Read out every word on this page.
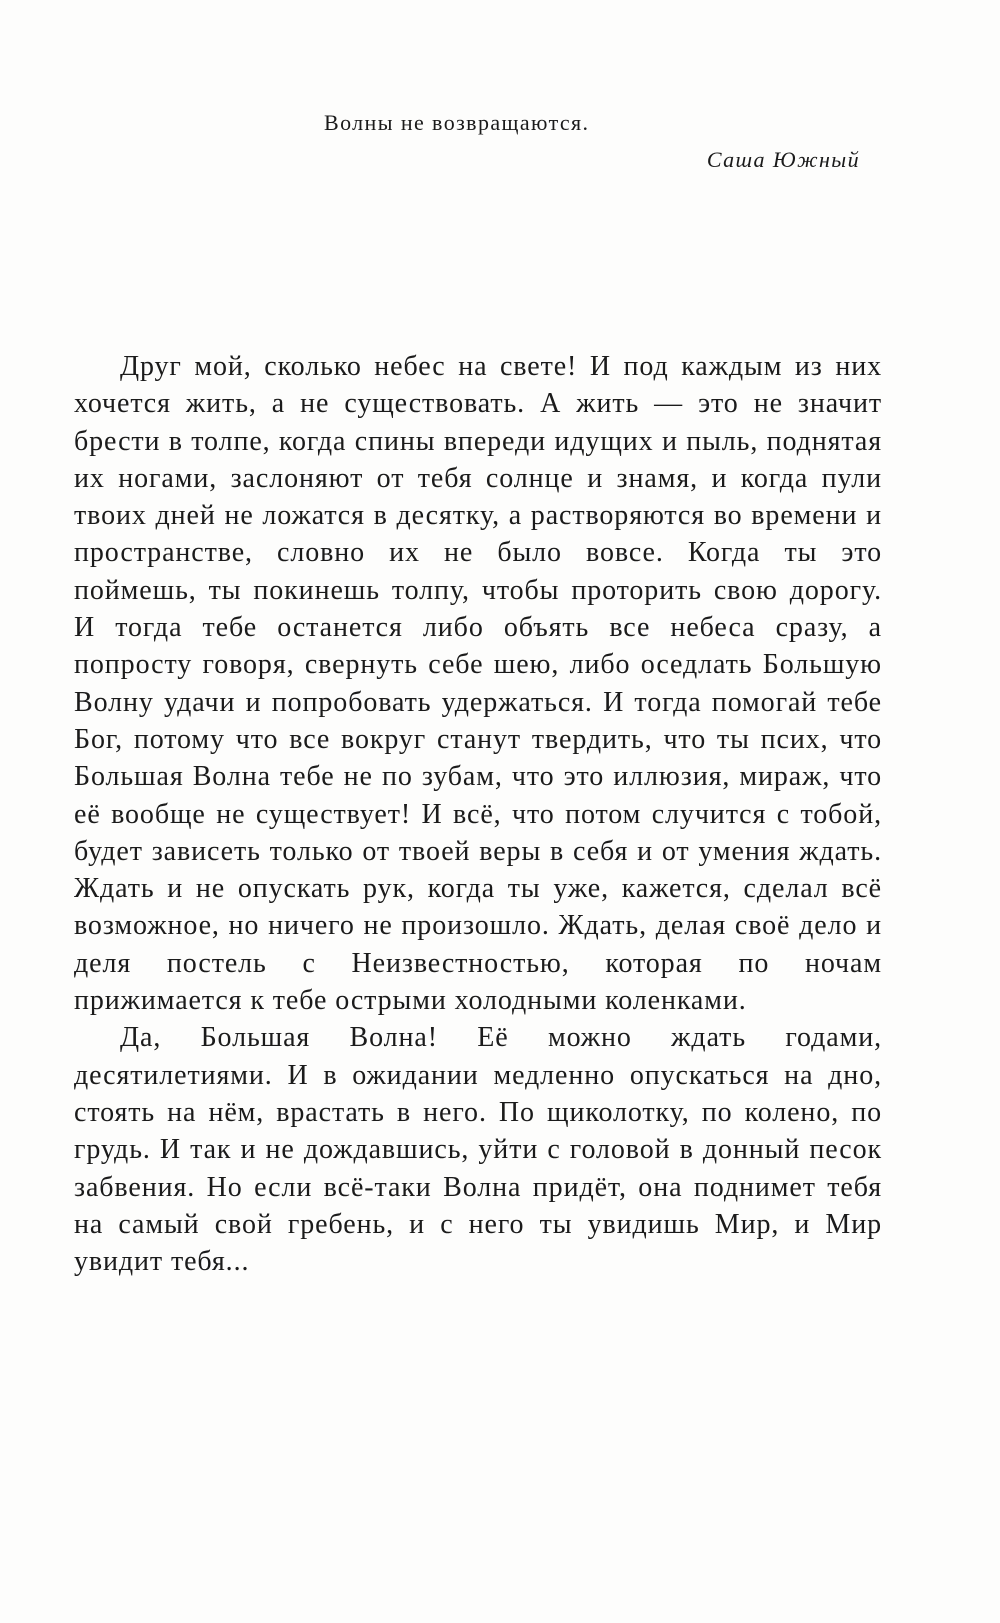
Волны не возвращаются.
Саша Южный

Друг мой, сколько небес на свете! И под каждым из них хочется жить, а не существовать. А жить — это не значит брести в толпе, когда спины впереди идущих и пыль, поднятая их ногами, заслоняют от тебя солнце и знамя, и когда пули твоих дней не ложатся в десятку, а растворяются во времени и пространстве, словно их не было вовсе. Когда ты это поймешь, ты покинешь толпу, чтобы проторить свою дорогу. И тогда тебе останется либо объять все небеса сразу, а попросту говоря, свернуть себе шею, либо оседлать Большую Волну удачи и попробовать удержаться. И тогда помогай тебе Бог, потому что все вокруг станут твердить, что ты псих, что Большая Волна тебе не по зубам, что это иллюзия, мираж, что её вообще не существует! И всё, что потом случится с тобой, будет зависеть только от твоей веры в себя и от умения ждать. Ждать и не опускать рук, когда ты уже, кажется, сделал всё возможное, но ничего не произошло. Ждать, делая своё дело и деля постель с Неизвестностью, которая по ночам прижимается к тебе острыми холодными коленками.

Да, Большая Волна! Её можно ждать годами, десятилетиями. И в ожидании медленно опускаться на дно, стоять на нём, врастать в него. По щиколотку, по колено, по грудь. И так и не дождавшись, уйти с головой в донный песок забвения. Но если всё-таки Волна придёт, она поднимет тебя на самый свой гребень, и с него ты увидишь Мир, и Мир увидит тебя...
